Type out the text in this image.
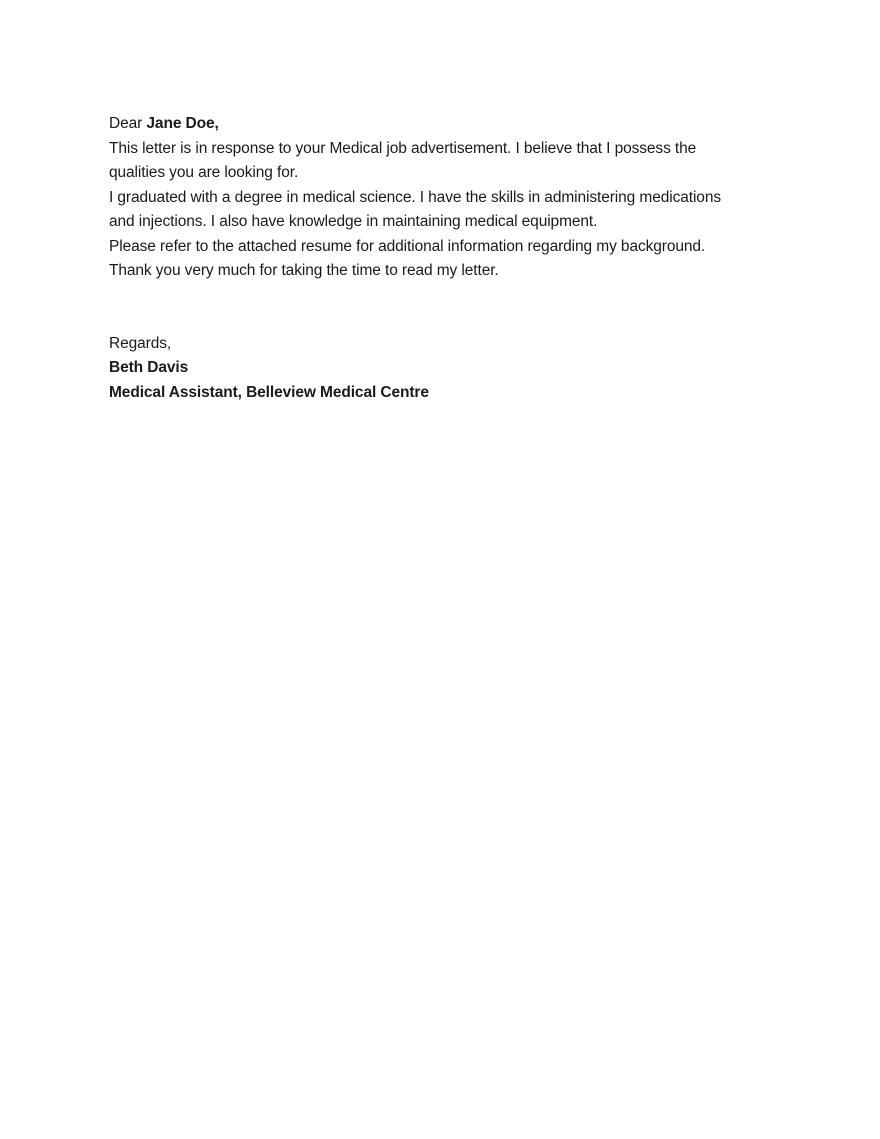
Dear Jane Doe,

This letter is in response to your Medical job advertisement. I believe that I possess the
qualities you are looking for.

I graduated with a degree in medical science. I have the skills in administering medications
and injections. I also have knowledge in maintaining medical equipment.

Please refer to the attached resume for additional information regarding my background.

Thank you very much for taking the time to read my letter.

Regards,

Beth Davis
Medical Assistant, Belleview Medical Centre
